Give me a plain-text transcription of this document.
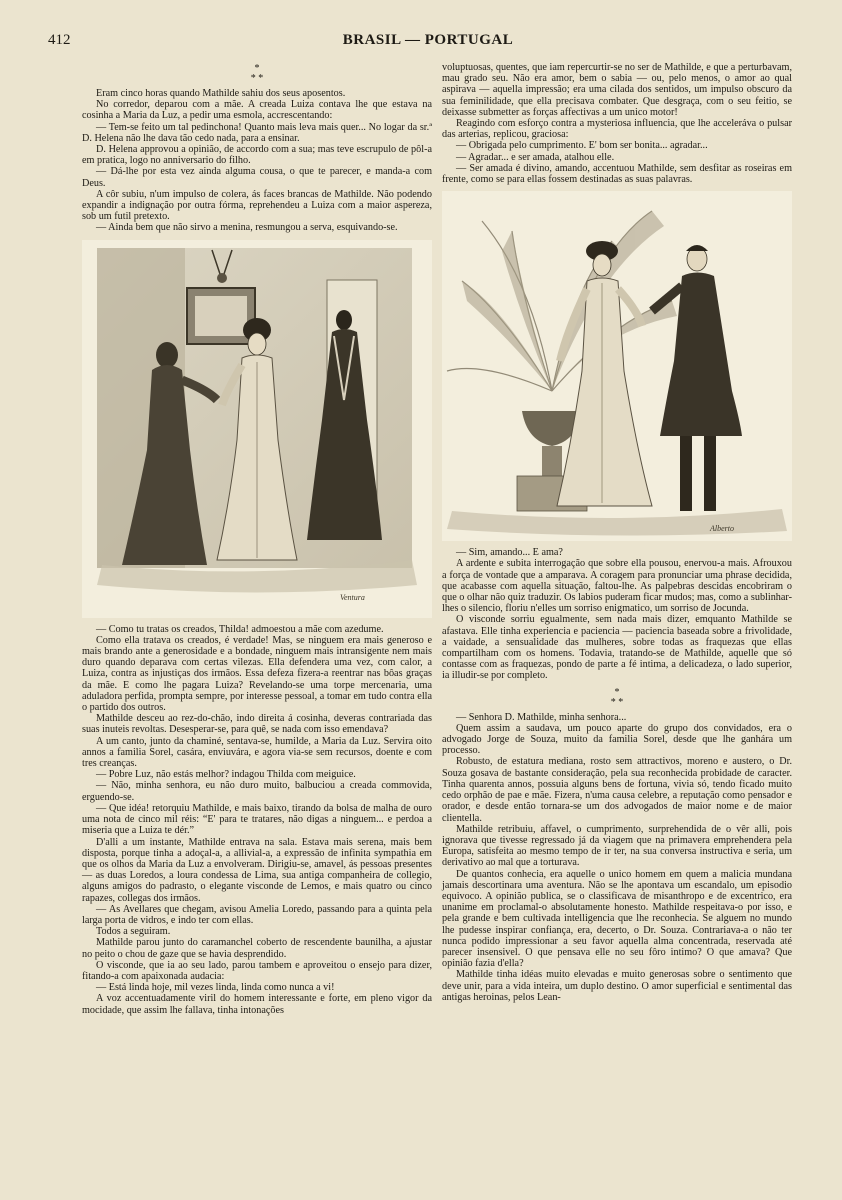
412	BRASIL — PORTUGAL
*
* *

Eram cinco horas quando Mathilde sahiu dos seus aposentos.

No corredor, deparou com a mãe. A creada Luiza contava lhe que estava na cosinha a Maria da Luz, a pedir uma esmola, accrescentando:

— Tem-se feito um tal pedinchona! Quanto mais leva mais quer... No logar da sr.ª D. Helena não lhe dava tão cedo nada, para a ensinar.

D. Helena approvou a opinião, de accordo com a sua; mas teve escrupulo de pôl-a em pratica, logo no anniversario do filho.

— Dá-lhe por esta vez ainda alguma cousa, o que te parecer, e manda-a com Deus.

A côr subiu, n'um impulso de colera, ás faces brancas de Mathilde. Não podendo expandir a indignação por outra fórma, reprehendeu a Luiza com a maior aspereza, sob um futil pretexto.

— Ainda bem que não sirvo a menina, resmungou a serva, esquivando-se.

Ventura

— Como tu tratas os creados, Thilda! admoestou a mãe com azedume.

Como ella tratava os creados, é verdade! Mas, se ninguem era mais generoso e mais brando ante a generosidade e a bondade, ninguem mais intransigente nem mais duro quando deparava com certas vilezas. Ella defendera uma vez, com calor, a Luiza, contra as injustiças dos irmãos. Essa defeza fizera-a reentrar nas bôas graças da mãe. E como lhe pagara Luiza? Revelando-se uma torpe mercenaria, uma aduladora perfida, prompta sempre, por interesse pessoal, a tomar em tudo contra ella o partido dos outros.

Mathilde desceu ao rez-do-chão, indo direita á cosinha, deveras contrariada das suas inuteis revoltas. Desesperar-se, para quê, se nada com isso emendava?

A um canto, junto da chaminé, sentava-se, humilde, a Maria da Luz. Servira oito annos a familia Sorel, casára, enviuvára, e agora via-se sem recursos, doente e com tres creanças.

— Pobre Luz, não estás melhor? indagou Thilda com meiguice.

— Não, minha senhora, eu não duro muito, balbuciou a creada commovida, erguendo-se.

— Que idéa! retorquiu Mathilde, e mais baixo, tirando da bolsa de malha de ouro uma nota de cinco mil réis: “E' para te tratares, não digas a ninguem... e perdoa a miseria que a Luiza te dér.”

D'alli a um instante, Mathilde entrava na sala. Estava mais serena, mais bem disposta, porque tinha a adoçal-a, a allivial-a, a expressão de infinita sympathia em que os olhos da Maria da Luz a envolveram. Dirigiu-se, amavel, ás pessoas presentes — as duas Loredos, a loura condessa de Lima, sua antiga companheira de collegio, alguns amigos do padrasto, o elegante visconde de Lemos, e mais quatro ou cinco rapazes, collegas dos irmãos.

— As Avellares que chegam, avisou Amelia Loredo, passando para a quinta pela larga porta de vidros, e indo ter com ellas.

Todos a seguiram.

Mathilde parou junto do caramanchel coberto de rescendente baunilha, a ajustar no peito o chou de gaze que se havia desprendido.

O visconde, que ia ao seu lado, parou tambem e aproveitou o ensejo para dizer, fitando-a com apaixonada audacia:

— Está linda hoje, mil vezes linda, linda como nunca a vi!

A voz accentuadamente viril do homem interessante e forte, em pleno vigor da mocidade, que assim lhe fallava, tinha intonações

voluptuosas, quentes, que iam repercurtir-se no ser de Mathilde, e que a perturbavam, mau grado seu. Não era amor, bem o sabia — ou, pelo menos, o amor ao qual aspirava — aquella impressão; era uma cilada dos sentidos, um impulso obscuro da sua feminilidade, que ella precisava combater. Que desgraça, com o seu feitio, se deixasse submetter as forças affectivas a um unico motor!

Reagindo com esforço contra a mysteriosa influencia, que lhe acceleráva o pulsar das arterias, replicou, graciosa:

— Obrigada pelo cumprimento. E' bom ser bonita... agradar...

— Agradar... e ser amada, atalhou elle.

— Ser amada é divino, amando, accentuou Mathilde, sem desfitar as roseiras em frente, como se para ellas fossem destinadas as suas palavras.

Alberto

— Sim, amando... E ama?

A ardente e subita interrogação que sobre ella pousou, enervou-a mais. Afrouxou a força de vontade que a amparava. A coragem para pronunciar uma phrase decidida, que acabasse com aquella situação, faltou-lhe. As palpebras descidas encobriram o que o olhar não quiz traduzir. Os labios puderam ficar mudos; mas, como a sublinhar-lhes o silencio, floriu n'elles um sorriso enigmatico, um sorriso de Jocunda.

O visconde sorriu egualmente, sem nada mais dizer, emquanto Mathilde se afastava. Elle tinha experiencia e paciencia — paciencia baseada sobre a frivolidade, a vaidade, a sensualidade das mulheres, sobre todas as fraquezas que ellas compartilham com os homens. Todavia, tratando-se de Mathilde, aquelle que só contasse com as fraquezas, pondo de parte a fé intima, a delicadeza, o lado superior, ia illudir-se por completo.

*
* *

— Senhora D. Mathilde, minha senhora...

Quem assim a saudava, um pouco aparte do grupo dos convidados, era o advogado Jorge de Souza, muito da familia Sorel, desde que lhe ganhára um processo.

Robusto, de estatura mediana, rosto sem attractivos, moreno e austero, o Dr. Souza gosava de bastante consideração, pela sua reconhecida probidade de caracter. Tinha quarenta annos, possuia alguns bens de fortuna, vivia só, tendo ficado muito cedo orphão de pae e mãe. Fizera, n'uma causa celebre, a reputação como pensador e orador, e desde então tornara-se um dos advogados de maior nome e de maior clientella.

Mathilde retribuiu, affavel, o cumprimento, surprehendida de o vêr alli, pois ignorava que tivesse regressado já da viagem que na primavera emprehendera pela Europa, satisfeita ao mesmo tempo de ir ter, na sua conversa instructiva e seria, um derivativo ao mal que a torturava.

De quantos conhecia, era aquelle o unico homem em quem a malicia mundana jamais descortinara uma aventura. Não se lhe apontava um escandalo, um episodio equivoco. A opinião publica, se o classificava de misanthropo e de excentrico, era unanime em proclamal-o absolutamente honesto. Mathilde respeitava-o por isso, e pela grande e bem cultivada intelligencia que lhe reconhecia. Se alguem no mundo lhe pudesse inspirar confiança, era, decerto, o Dr. Souza. Contrariava-a o não ter nunca podido impressionar a seu favor aquella alma concentrada, reservada até parecer insensivel. O que pensava elle no seu fôro intimo? O que amava? Que opinião fazia d'ella?

Mathilde tinha idéas muito elevadas e muito generosas sobre o sentimento que deve unir, para a vida inteira, um duplo destino. O amor superficial e sentimental das antigas heroinas, pelos Lean-
